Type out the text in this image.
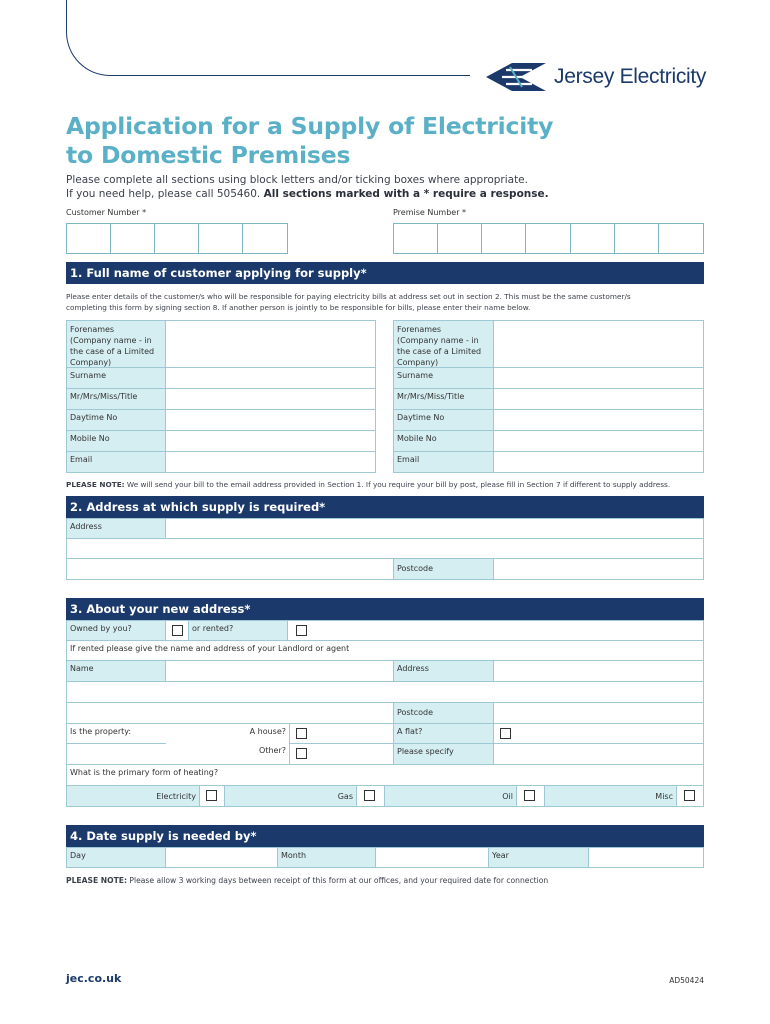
Jersey Electricity
Application for a Supply of Electricity
to Domestic Premises
Please complete all sections using block letters and/or ticking boxes where appropriate.
If you need help, please call 505460. All sections marked with a * require a response.
Customer Number *	Premise Number *
1. Full name of customer applying for supply*
Please enter details of the customer/s who will be responsible for paying electricity bills at address set out in section 2. This must be the same customer/s
completing this form by signing section 8. If another person is jointly to be responsible for bills, please enter their name below.
Forenames
(Company name - in
the case of a Limited
Company)
Surname
Mr/Mrs/Miss/Title
Daytime No
Mobile No
Email
Forenames
(Company name - in
the case of a Limited
Company)
Surname
Mr/Mrs/Miss/Title
Daytime No
Mobile No
Email
PLEASE NOTE: We will send your bill to the email address provided in Section 1. If you require your bill by post, please fill in Section 7 if different to supply address.
2. Address at which supply is required*
Address
Postcode
3. About your new address*
Owned by you?	or rented?
If rented please give the name and address of your Landlord or agent
Name	Address
Postcode
Is the property:	A house?	A flat?
Other?	Please specify
What is the primary form of heating?
Electricity	Gas	Oil	Misc
4. Date supply is needed by*
Day	Month	Year
PLEASE NOTE: Please allow 3 working days between receipt of this form at our offices, and your required date for connection
jec.co.uk	AD50424
